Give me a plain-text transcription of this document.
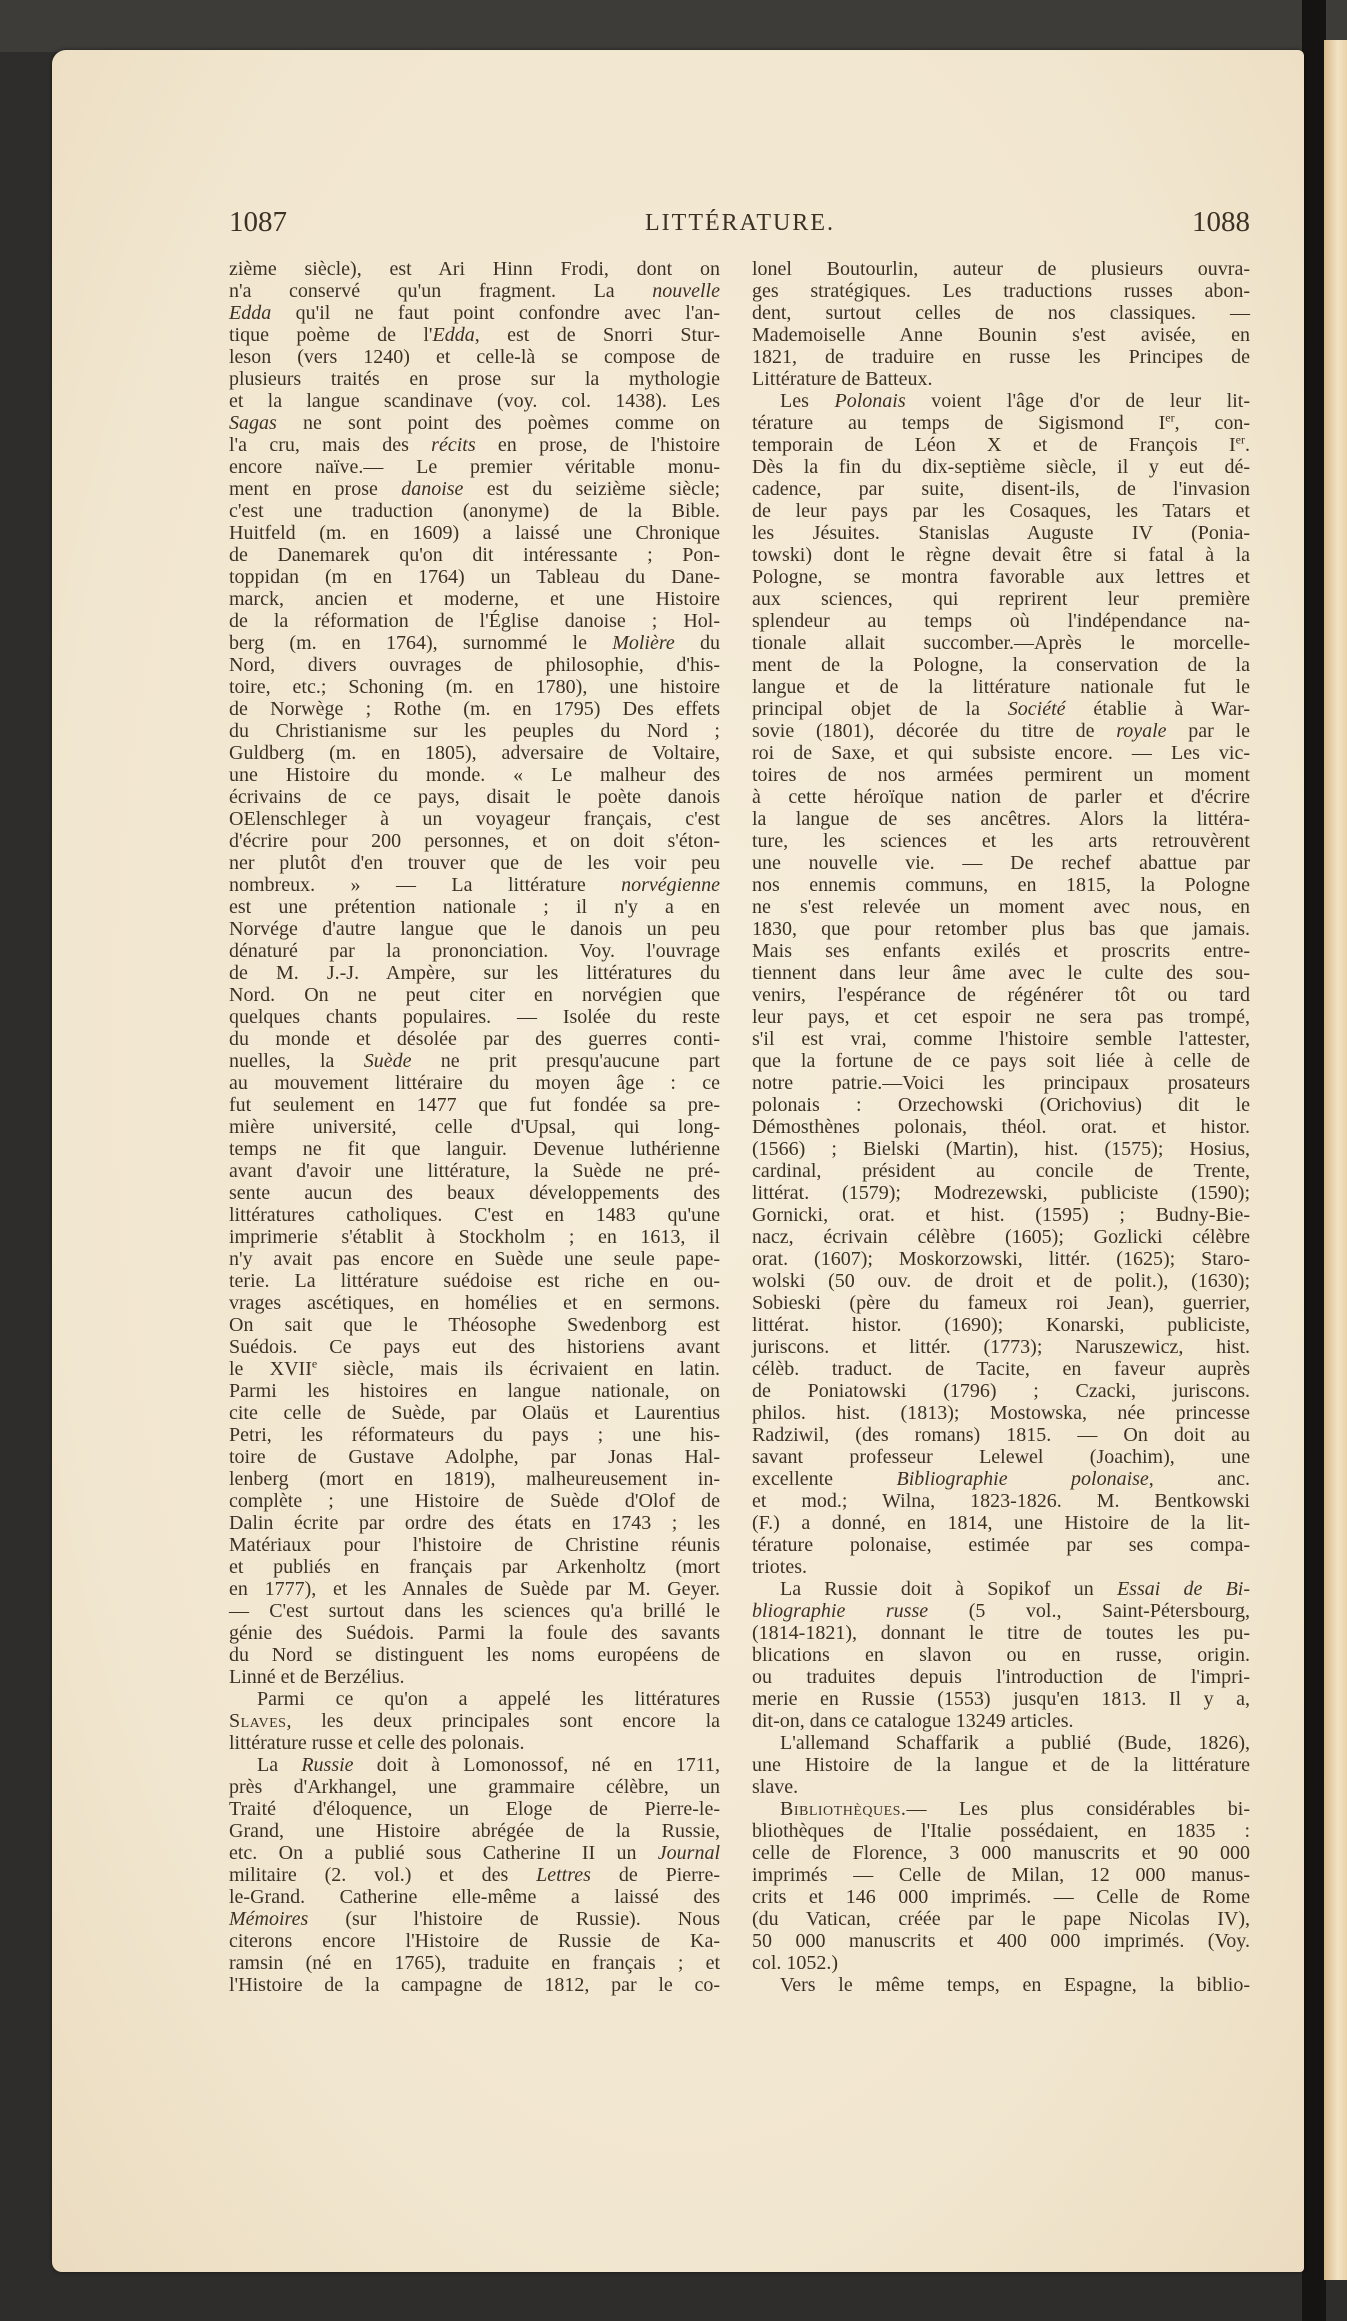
1087	LITTÉRATURE.	1088
zième siècle), est Ari Hinn Frodi, dont on
n'a conservé qu'un fragment. La nouvelle
Edda qu'il ne faut point confondre avec l'an-
tique poème de l'Edda, est de Snorri Stur-
leson (vers 1240) et celle-là se compose de
plusieurs traités en prose sur la mythologie
et la langue scandinave (voy. col. 1438). Les
Sagas ne sont point des poèmes comme on
l'a cru, mais des récits en prose, de l'histoire
encore naïve.— Le premier véritable monu-
ment en prose danoise est du seizième siècle;
c'est une traduction (anonyme) de la Bible.
Huitfeld (m. en 1609) a laissé une Chronique
de Danemarek qu'on dit intéressante ; Pon-
toppidan (m en 1764) un Tableau du Dane-
marck, ancien et moderne, et une Histoire
de la réformation de l'Église danoise ; Hol-
berg (m. en 1764), surnommé le Molière du
Nord, divers ouvrages de philosophie, d'his-
toire, etc.; Schoning (m. en 1780), une histoire
de Norwège ; Rothe (m. en 1795) Des effets
du Christianisme sur les peuples du Nord ;
Guldberg (m. en 1805), adversaire de Voltaire,
une Histoire du monde. « Le malheur des
écrivains de ce pays, disait le poète danois
OElenschleger à un voyageur français, c'est
d'écrire pour 200 personnes, et on doit s'éton-
ner plutôt d'en trouver que de les voir peu
nombreux. » — La littérature norvégienne
est une prétention nationale ; il n'y a en
Norvége d'autre langue que le danois un peu
dénaturé par la prononciation. Voy. l'ouvrage
de M. J.-J. Ampère, sur les littératures du
Nord. On ne peut citer en norvégien que
quelques chants populaires. — Isolée du reste
du monde et désolée par des guerres conti-
nuelles, la Suède ne prit presqu'aucune part
au mouvement littéraire du moyen âge : ce
fut seulement en 1477 que fut fondée sa pre-
mière université, celle d'Upsal, qui long-
temps ne fit que languir. Devenue luthérienne
avant d'avoir une littérature, la Suède ne pré-
sente aucun des beaux développements des
littératures catholiques. C'est en 1483 qu'une
imprimerie s'établit à Stockholm ; en 1613, il
n'y avait pas encore en Suède une seule pape-
terie. La littérature suédoise est riche en ou-
vrages ascétiques, en homélies et en sermons.
On sait que le Théosophe Swedenborg est
Suédois. Ce pays eut des historiens avant
le XVIIe siècle, mais ils écrivaient en latin.
Parmi les histoires en langue nationale, on
cite celle de Suède, par Olaüs et Laurentius
Petri, les réformateurs du pays ; une his-
toire de Gustave Adolphe, par Jonas Hal-
lenberg (mort en 1819), malheureusement in-
complète ; une Histoire de Suède d'Olof de
Dalin écrite par ordre des états en 1743 ; les
Matériaux pour l'histoire de Christine réunis
et publiés en français par Arkenholtz (mort
en 1777), et les Annales de Suède par M. Geyer.
— C'est surtout dans les sciences qu'a brillé le
génie des Suédois. Parmi la foule des savants
du Nord se distinguent les noms européens de
Linné et de Berzélius.
Parmi ce qu'on a appelé les littératures
Slaves, les deux principales sont encore la
littérature russe et celle des polonais.
La Russie doit à Lomonossof, né en 1711,
près d'Arkhangel, une grammaire célèbre, un
Traité d'éloquence, un Eloge de Pierre-le-
Grand, une Histoire abrégée de la Russie,
etc. On a publié sous Catherine II un Journal
militaire (2. vol.) et des Lettres de Pierre-
le-Grand. Catherine elle-même a laissé des
Mémoires (sur l'histoire de Russie). Nous
citerons encore l'Histoire de Russie de Ka-
ramsin (né en 1765), traduite en français ; et
l'Histoire de la campagne de 1812, par le co-
lonel Boutourlin, auteur de plusieurs ouvra-
ges stratégiques. Les traductions russes abon-
dent, surtout celles de nos classiques. —
Mademoiselle Anne Bounin s'est avisée, en
1821, de traduire en russe les Principes de
Littérature de Batteux.
Les Polonais voient l'âge d'or de leur lit-
térature au temps de Sigismond Ier, con-
temporain de Léon X et de François Ier.
Dès la fin du dix-septième siècle, il y eut dé-
cadence, par suite, disent-ils, de l'invasion
de leur pays par les Cosaques, les Tatars et
les Jésuites. Stanislas Auguste IV (Ponia-
towski) dont le règne devait être si fatal à la
Pologne, se montra favorable aux lettres et
aux sciences, qui reprirent leur première
splendeur au temps où l'indépendance na-
tionale allait succomber.—Après le morcelle-
ment de la Pologne, la conservation de la
langue et de la littérature nationale fut le
principal objet de la Société établie à War-
sovie (1801), décorée du titre de royale par le
roi de Saxe, et qui subsiste encore. — Les vic-
toires de nos armées permirent un moment
à cette héroïque nation de parler et d'écrire
la langue de ses ancêtres. Alors la littéra-
ture, les sciences et les arts retrouvèrent
une nouvelle vie. — De rechef abattue par
nos ennemis communs, en 1815, la Pologne
ne s'est relevée un moment avec nous, en
1830, que pour retomber plus bas que jamais.
Mais ses enfants exilés et proscrits entre-
tiennent dans leur âme avec le culte des sou-
venirs, l'espérance de régénérer tôt ou tard
leur pays, et cet espoir ne sera pas trompé,
s'il est vrai, comme l'histoire semble l'attester,
que la fortune de ce pays soit liée à celle de
notre patrie.—Voici les principaux prosateurs
polonais : Orzechowski (Orichovius) dit le
Démosthènes polonais, théol. orat. et histor.
(1566) ; Bielski (Martin), hist. (1575); Hosius,
cardinal, président au concile de Trente,
littérat. (1579); Modrezewski, publiciste (1590);
Gornicki, orat. et hist. (1595) ; Budny-Bie-
nacz, écrivain célèbre (1605); Gozlicki célèbre
orat. (1607); Moskorzowski, littér. (1625); Staro-
wolski (50 ouv. de droit et de polit.), (1630);
Sobieski (père du fameux roi Jean), guerrier,
littérat. histor. (1690); Konarski, publiciste,
juriscons. et littér. (1773); Naruszewicz, hist.
célèb. traduct. de Tacite, en faveur auprès
de Poniatowski (1796) ; Czacki, juriscons.
philos. hist. (1813); Mostowska, née princesse
Radziwil, (des romans) 1815. — On doit au
savant professeur Lelewel (Joachim), une
excellente Bibliographie polonaise, anc.
et mod.; Wilna, 1823-1826. M. Bentkowski
(F.) a donné, en 1814, une Histoire de la lit-
térature polonaise, estimée par ses compa-
triotes.
La Russie doit à Sopikof un Essai de Bi-
bliographie russe (5 vol., Saint-Pétersbourg,
(1814-1821), donnant le titre de toutes les pu-
blications en slavon ou en russe, origin.
ou traduites depuis l'introduction de l'impri-
merie en Russie (1553) jusqu'en 1813. Il y a,
dit-on, dans ce catalogue 13249 articles.
L'allemand Schaffarik a publié (Bude, 1826),
une Histoire de la langue et de la littérature
slave.
Bibliothèques.— Les plus considérables bi-
bliothèques de l'Italie possédaient, en 1835 :
celle de Florence, 3 000 manuscrits et 90 000
imprimés — Celle de Milan, 12 000 manus-
crits et 146 000 imprimés. — Celle de Rome
(du Vatican, créée par le pape Nicolas IV),
50 000 manuscrits et 400 000 imprimés. (Voy.
col. 1052.)
Vers le même temps, en Espagne, la biblio-
